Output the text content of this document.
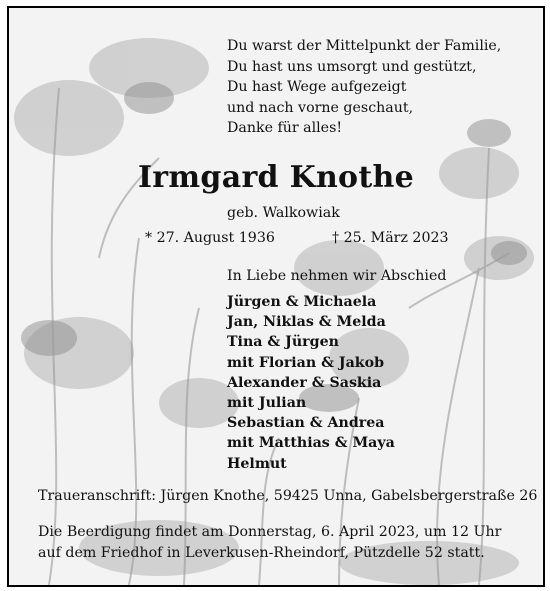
Du warst der Mittelpunkt der Familie,
Du hast uns umsorgt und gestützt,
Du hast Wege aufgezeigt
und nach vorne geschaut,
Danke für alles!
Irmgard Knothe
geb. Walkowiak
* 27. August 1936	† 25. März 2023
In Liebe nehmen wir Abschied
Jürgen & Michaela
Jan, Niklas & Melda
Tina & Jürgen
mit Florian & Jakob
Alexander & Saskia
mit Julian
Sebastian & Andrea
mit Matthias & Maya
Helmut
Traueranschrift: Jürgen Knothe, 59425 Unna, Gabelsbergerstraße 26
Die Beerdigung findet am Donnerstag, 6. April 2023, um 12 Uhr
auf dem Friedhof in Leverkusen-Rheindorf, Pützdelle 52 statt.
